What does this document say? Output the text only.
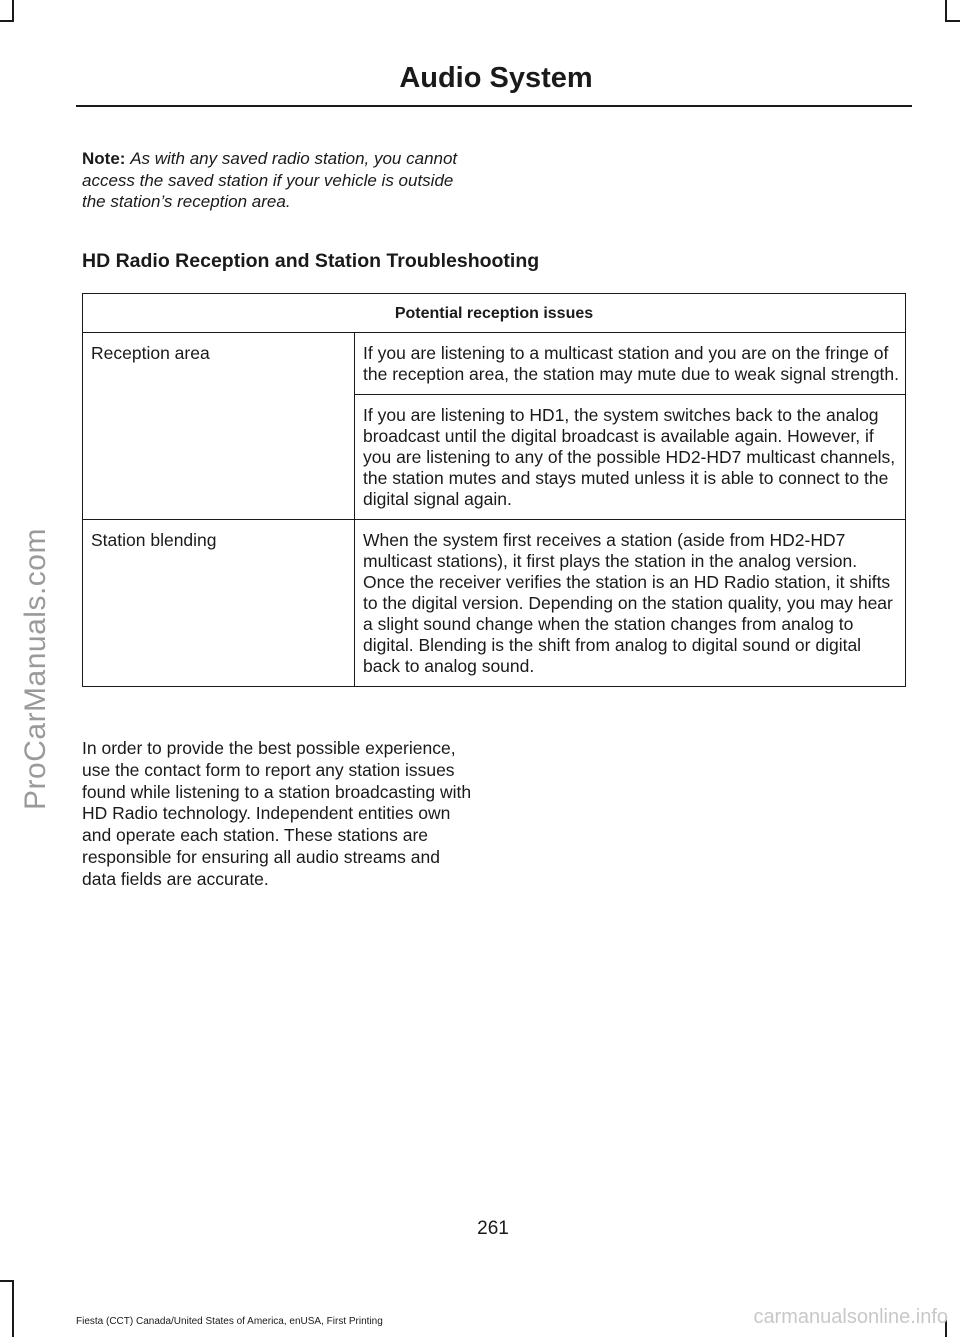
ProCarManuals.com
Audio System
Note: As with any saved radio station, you cannot access the saved station if your vehicle is outside the station’s reception area.
HD Radio Reception and Station Troubleshooting
Potential reception issues	
Reception area	If you are listening to a multicast station and you are on the fringe of the reception area, the station may mute due to weak signal strength.
	If you are listening to HD1, the system switches back to the analog broadcast until the digital broadcast is available again. However, if you are listening to any of the possible HD2-HD7 multicast channels, the station mutes and stays muted unless it is able to connect to the digital signal again.
Station blending	When the system first receives a station (aside from HD2-HD7 multicast stations), it first plays the station in the analog version. Once the receiver verifies the station is an HD Radio station, it shifts to the digital version. Depending on the station quality, you may hear a slight sound change when the station changes from analog to digital. Blending is the shift from analog to digital sound or digital back to analog sound.
In order to provide the best possible experience, use the contact form to report any station issues found while listening to a station broadcasting with HD Radio technology. Independent entities own and operate each station. These stations are responsible for ensuring all audio streams and data fields are accurate.
261
Fiesta (CCT) Canada/United States of America, enUSA, First Printing	carmanualsonline.info
